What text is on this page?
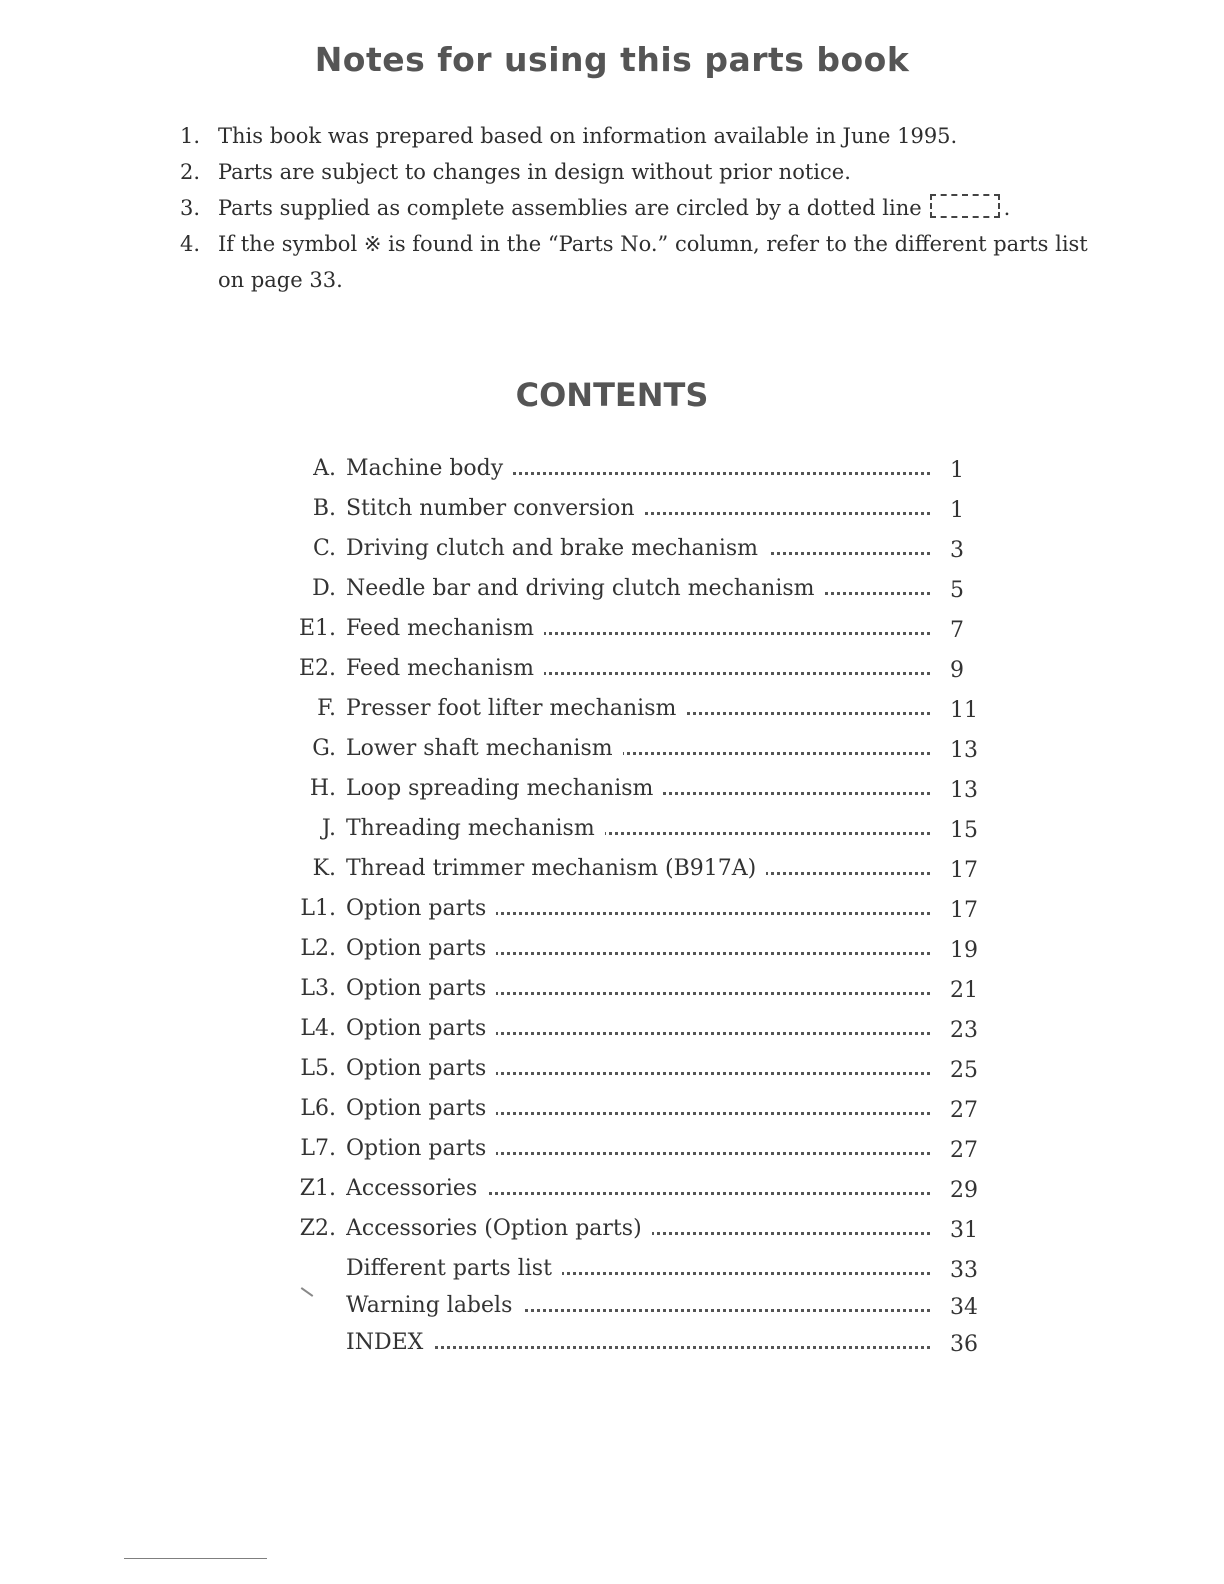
Notes for using this parts book
1. This book was prepared based on information available in June 1995.
2. Parts are subject to changes in design without prior notice.
3. Parts supplied as complete assemblies are circled by a dotted line	.
4. If the symbol ※ is found in the “Parts No.” column, refer to the different parts list on page 33.
CONTENTS
A. Machine body	1
B. Stitch number conversion	1
C. Driving clutch and brake mechanism	3
D. Needle bar and driving clutch mechanism	5
E1. Feed mechanism	7
E2. Feed mechanism	9
F. Presser foot lifter mechanism	11
G. Lower shaft mechanism	13
H. Loop spreading mechanism	13
J. Threading mechanism	15
K. Thread trimmer mechanism (B917A)	17
L1. Option parts	17
L2. Option parts	19
L3. Option parts	21
L4. Option parts	23
L5. Option parts	25
L6. Option parts	27
L7. Option parts	27
Z1. Accessories	29
Z2. Accessories (Option parts)	31
Different parts list	33
Warning labels	34
INDEX	36
